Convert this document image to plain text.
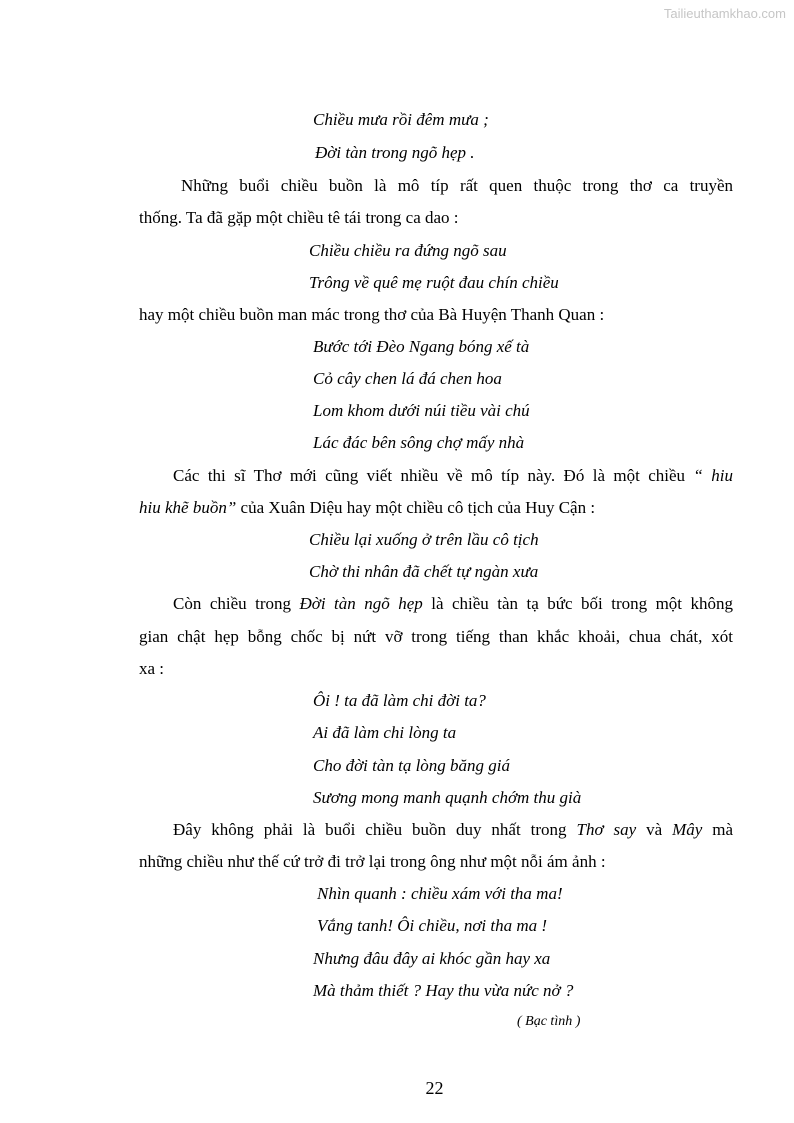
Tailieuthamkhao.com
Chiều mưa rồi đêm mưa ;
Đời tàn trong ngõ hẹp .
Những buổi chiều buồn là mô típ rất quen thuộc trong thơ ca truyền
thống. Ta đã gặp một chiều tê tái trong ca dao :
Chiều chiều ra đứng ngõ sau
Trông về quê mẹ ruột đau chín chiều
hay một chiều buồn man mác trong thơ của Bà Huyện Thanh Quan :
Bước tới Đèo Ngang bóng xế tà
Cỏ cây chen lá đá chen hoa
Lom khom dưới núi tiều vài chú
Lác đác bên sông chợ mấy nhà
Các thi sĩ Thơ mới cũng viết nhiều về mô típ này. Đó là một chiều “ hiu
hiu khẽ buồn” của Xuân Diệu hay một chiều cô tịch của Huy Cận :
Chiều lại xuống ở trên lầu cô tịch
Chờ thi nhân đã chết tự ngàn xưa
Còn chiều trong Đời tàn ngõ hẹp là chiều tàn tạ bức bối trong một không
gian chật hẹp bỗng chốc bị nứt vỡ trong tiếng than khắc khoải, chua chát, xót
xa :
Ôi ! ta đã làm chi đời ta?
Ai đã làm chi lòng ta
Cho đời tàn tạ lòng băng giá
Sương mong manh quạnh chớm thu già
Đây không phải là buổi chiều buồn duy nhất trong Thơ say và Mây mà
những chiều như thế cứ trở đi trở lại trong ông như một nỗi ám ảnh :
Nhìn quanh : chiều xám với tha ma!
Vắng tanh! Ôi chiều, nơi tha ma !
Nhưng đâu đây ai khóc gần hay xa
Mà thảm thiết ? Hay thu vừa nức nở ?
( Bạc tình )
22
